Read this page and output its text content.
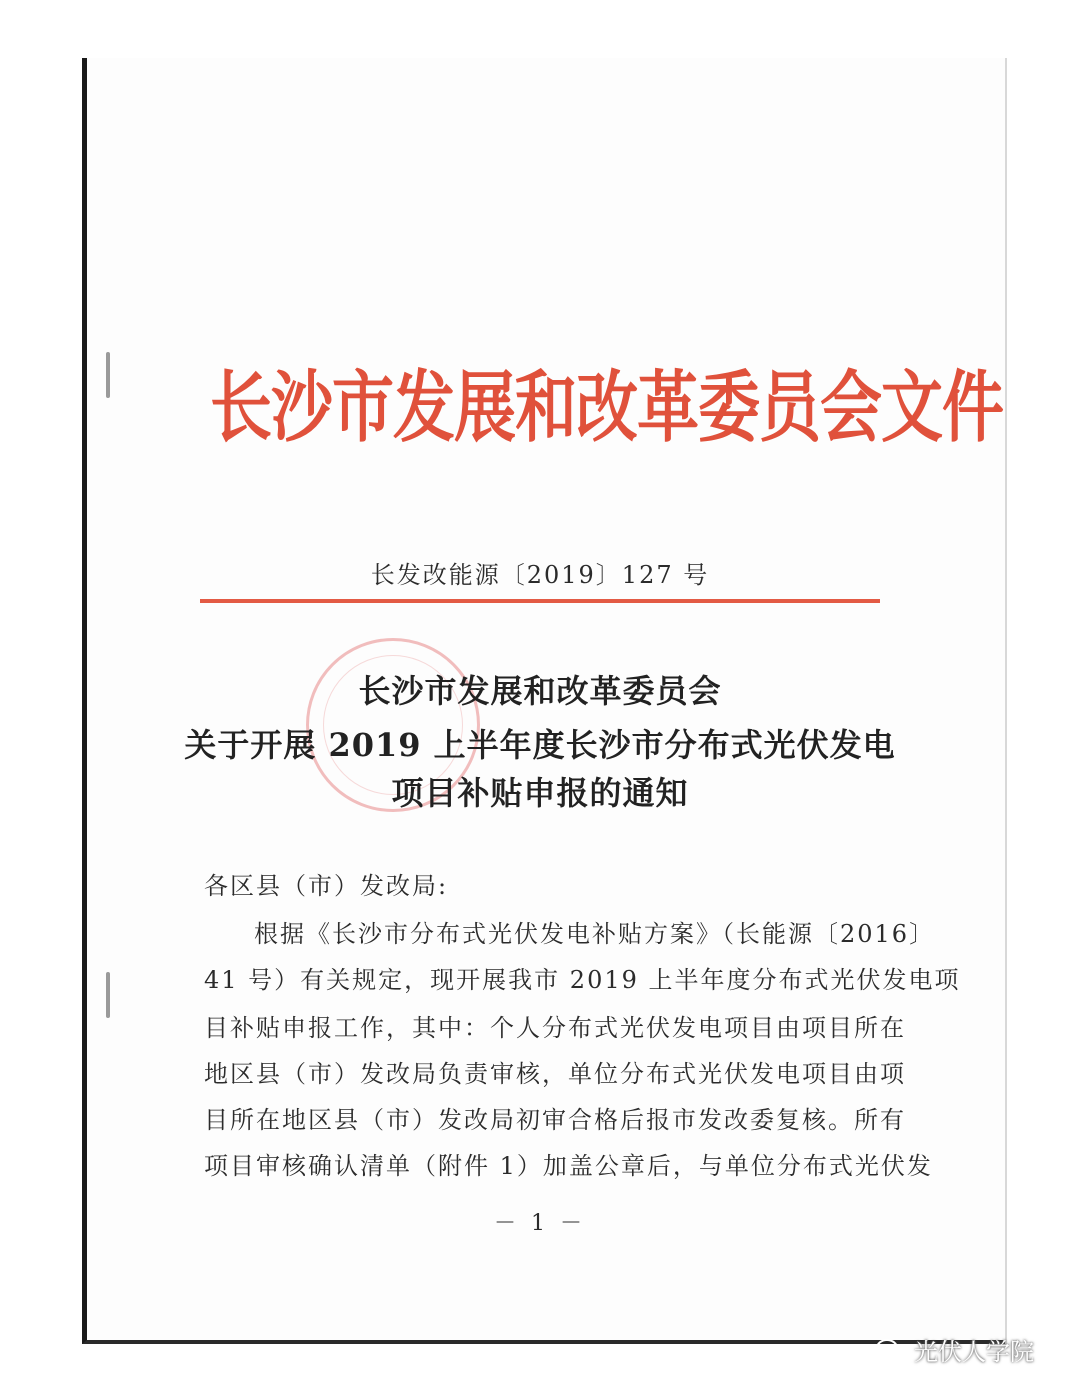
长沙市发展和改革委员会文件
长发改能源〔2019〕127 号
长沙市发展和改革委员会
关于开展 2019 上半年度长沙市分布式光伏发电
项目补贴申报的通知
各区县（市）发改局:
根据《长沙市分布式光伏发电补贴方案》（长能源〔2016〕
41 号）有关规定，现开展我市 2019 上半年度分布式光伏发电项
目补贴申报工作，其中：个人分布式光伏发电项目由项目所在
地区县（市）发改局负责审核，单位分布式光伏发电项目由项
目所在地区县（市）发改局初审合格后报市发改委复核。所有
项目审核确认清单（附件 1）加盖公章后，与单位分布式光伏发
－ 1 －
光伏人学院
